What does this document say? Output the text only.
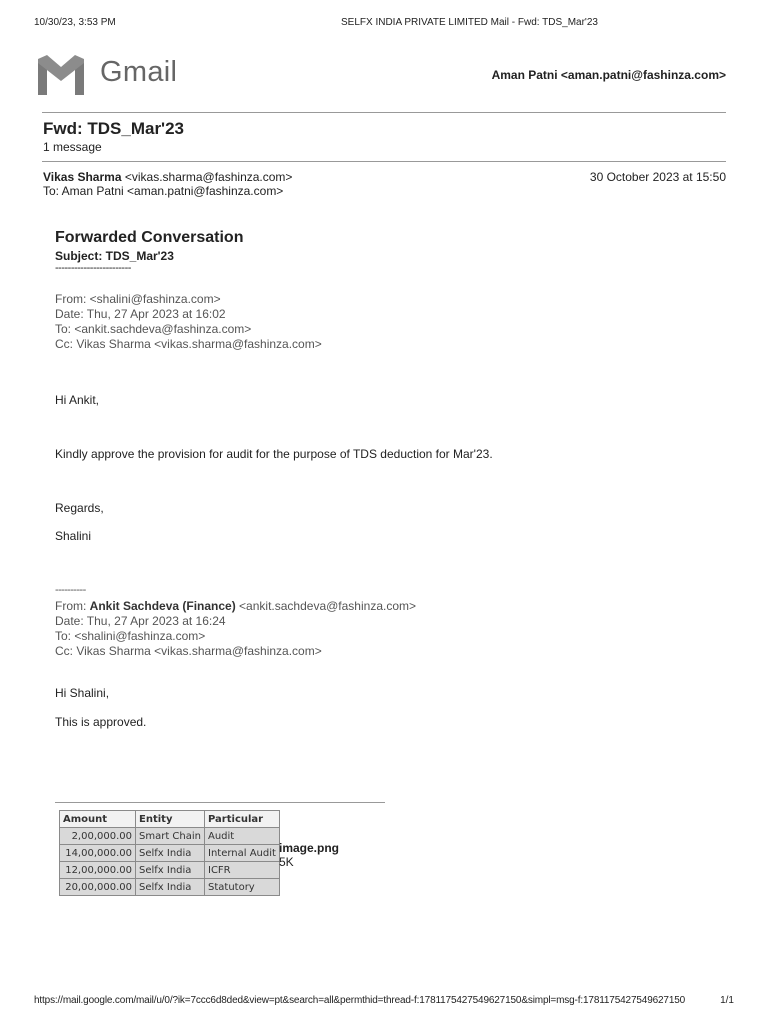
10/30/23, 3:53 PM	SELFX INDIA PRIVATE LIMITED Mail - Fwd: TDS_Mar'23
Gmail	Aman Patni <aman.patni@fashinza.com>
Fwd: TDS_Mar'23
1 message
Vikas Sharma <vikas.sharma@fashinza.com>
To: Aman Patni <aman.patni@fashinza.com>
30 October 2023 at 15:50
Forwarded Conversation
Subject: TDS_Mar'23
------------------------
From: <shalini@fashinza.com>
Date: Thu, 27 Apr 2023 at 16:02
To: <ankit.sachdeva@fashinza.com>
Cc: Vikas Sharma <vikas.sharma@fashinza.com>
Hi Ankit,
Kindly approve the provision for audit for the purpose of TDS deduction for Mar'23.
Regards,
Shalini
----------
From: Ankit Sachdeva (Finance) <ankit.sachdeva@fashinza.com>
Date: Thu, 27 Apr 2023 at 16:24
To: <shalini@fashinza.com>
Cc: Vikas Sharma <vikas.sharma@fashinza.com>
Hi Shalini,
This is approved.
Amount	Entity	Particular
2,00,000.00	Smart Chain	Audit
14,00,000.00	Selfx India	Internal Audit
12,00,000.00	Selfx India	ICFR
20,00,000.00	Selfx India	Statutory
image.png
5K
https://mail.google.com/mail/u/0/?ik=7ccc6d8ded&view=pt&search=all&permthid=thread-f:1781175427549627150&simpl=msg-f:1781175427549627150	1/1
